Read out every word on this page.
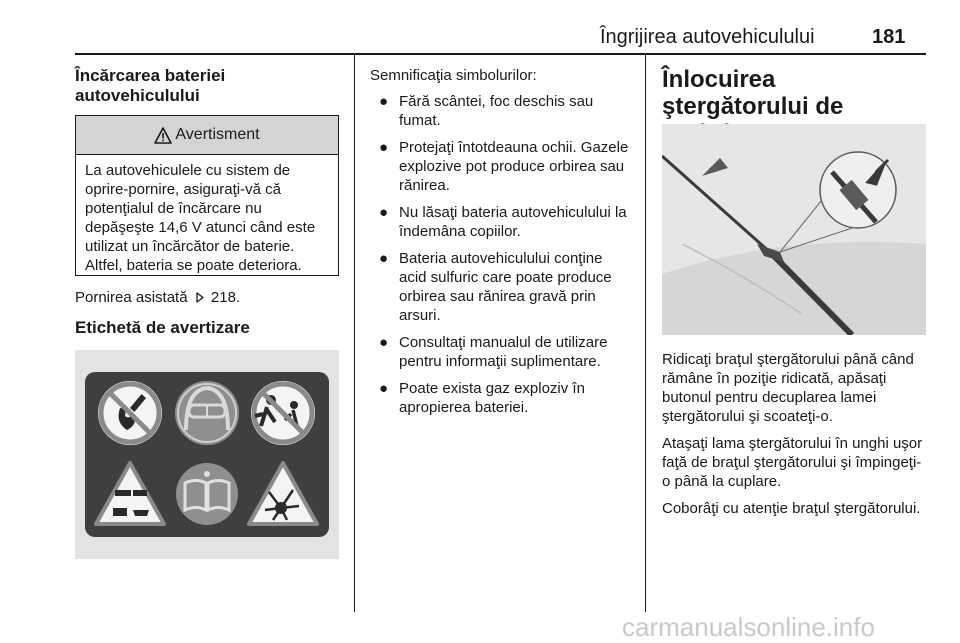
Îngrijirea autovehiculului	181
Încărcarea bateriei autovehiculului
Avertisment
La autovehiculele cu sistem de
oprire-pornire, asiguraţi-vă că
potenţialul de încărcare nu
depăşeşte 14,6 V atunci când este
utilizat un încărcător de baterie.
Altfel, bateria se poate deteriora.
Pornirea asistată 218.
Etichetă de avertizare
Semnificaţia simbolurilor:
● Fără scântei, foc deschis sau fumat.
● Protejaţi întotdeauna ochii. Gazele explozive pot produce orbirea sau rănirea.
● Nu lăsaţi bateria autovehiculului la îndemâna copiilor.
● Bateria autovehiculului conţine acid sulfuric care poate produce orbirea sau rănirea gravă prin arsuri.
● Consultaţi manualul de utilizare pentru informaţii suplimentare.
● Poate exista gaz exploziv în apropierea bateriei.
Înlocuirea ştergătorului de

Ridicaţi braţul ştergătorului până când rămâne în poziţie ridicată, apăsaţi butonul pentru decuplarea lamei ştergătorului şi scoateţi-o.

Ataşaţi lama ştergătorului în unghi uşor faţă de braţul ştergătorului şi împingeţi-o până la cuplare.

Coborâţi cu atenţie braţul ştergătorului.

carmanualsonline.info
